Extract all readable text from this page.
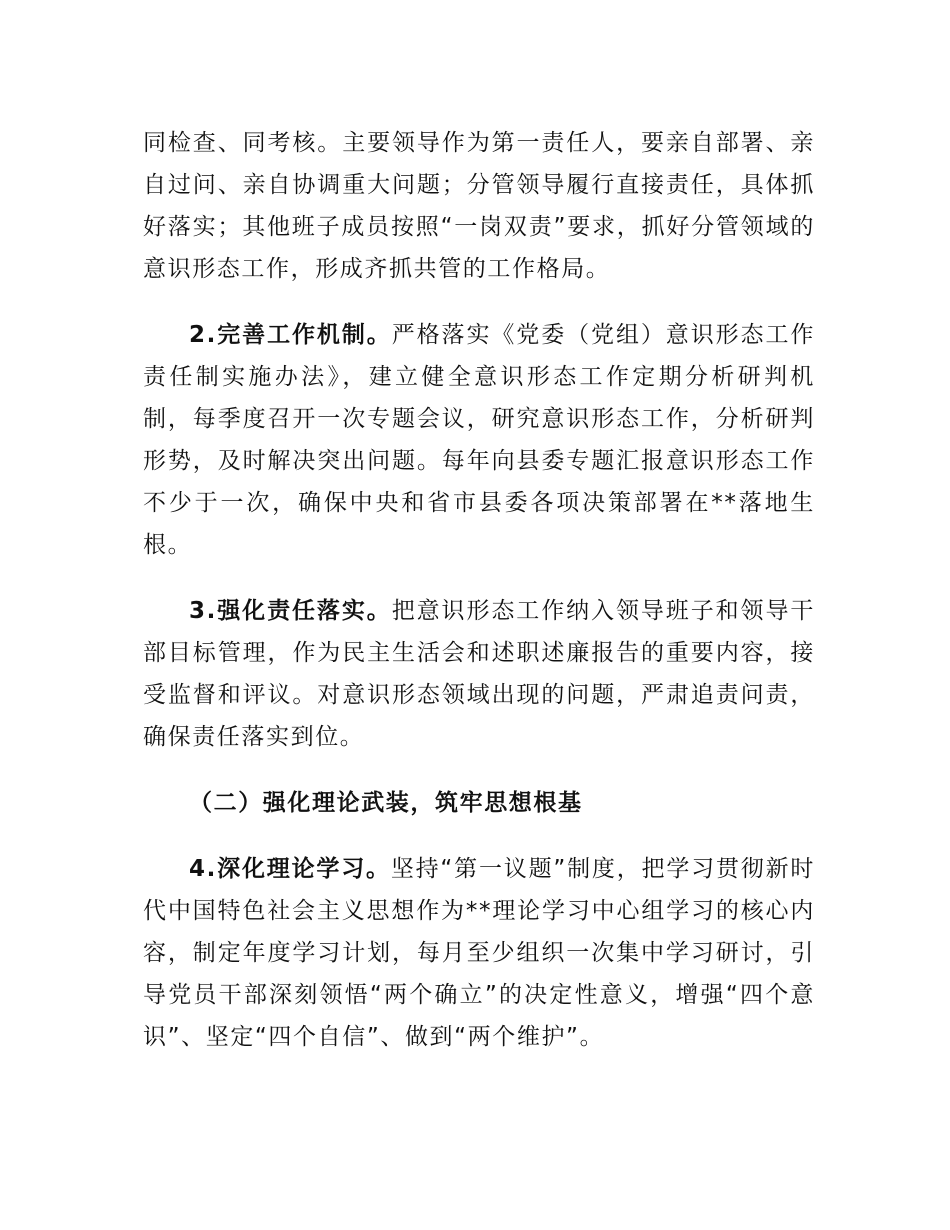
同检查、同考核。主要领导作为第一责任人，要亲自部署、亲自过问、亲自协调重大问题；分管领导履行直接责任，具体抓好落实；其他班子成员按照“一岗双责”要求，抓好分管领域的意识形态工作，形成齐抓共管的工作格局。

2.完善工作机制。严格落实《党委（党组）意识形态工作责任制实施办法》，建立健全意识形态工作定期分析研判机制，每季度召开一次专题会议，研究意识形态工作，分析研判形势，及时解决突出问题。每年向县委专题汇报意识形态工作不少于一次，确保中央和省市县委各项决策部署在**落地生根。

3.强化责任落实。把意识形态工作纳入领导班子和领导干部目标管理，作为民主生活会和述职述廉报告的重要内容，接受监督和评议。对意识形态领域出现的问题，严肃追责问责，确保责任落实到位。

（二）强化理论武装，筑牢思想根基

4.深化理论学习。坚持“第一议题”制度，把学习贯彻新时代中国特色社会主义思想作为**理论学习中心组学习的核心内容，制定年度学习计划，每月至少组织一次集中学习研讨，引导党员干部深刻领悟“两个确立”的决定性意义，增强“四个意识”、坚定“四个自信”、做到“两个维护”。
